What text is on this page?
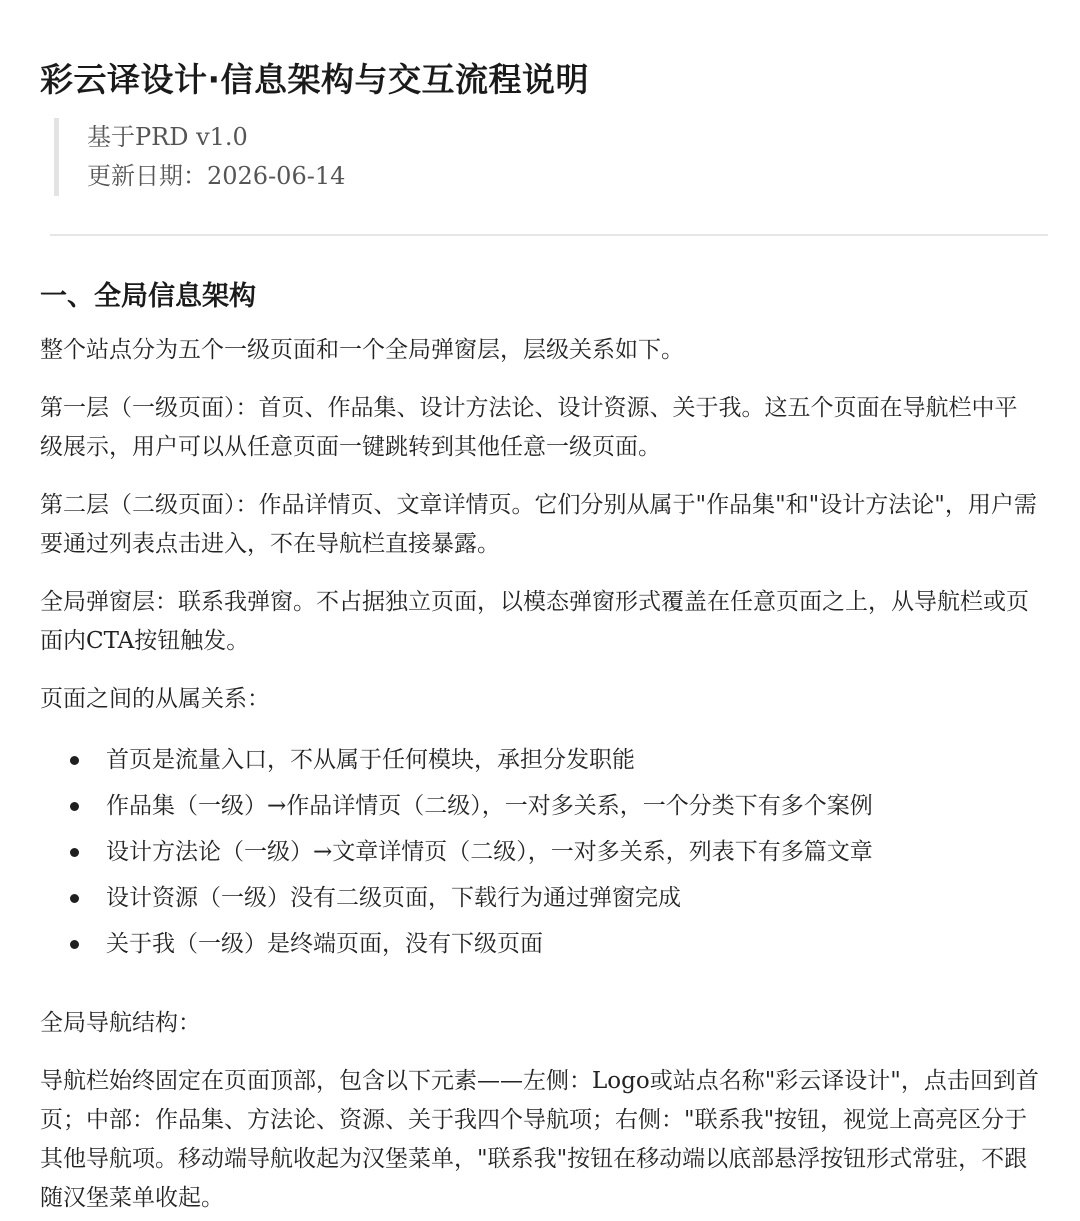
彩云译设计·信息架构与交互流程说明
基于PRD v1.0
更新日期：2026-06-14
一、全局信息架构

整个站点分为五个一级页面和一个全局弹窗层，层级关系如下。

第一层（一级页面）：首页、作品集、设计方法论、设计资源、关于我。这五个页面在导航栏中平级展示，用户可以从任意页面一键跳转到其他任意一级页面。

第二层（二级页面）：作品详情页、文章详情页。它们分别从属于"作品集"和"设计方法论"，用户需要通过列表点击进入，不在导航栏直接暴露。

全局弹窗层：联系我弹窗。不占据独立页面，以模态弹窗形式覆盖在任意页面之上，从导航栏或页面内CTA按钮触发。

页面之间的从属关系：

首页是流量入口，不从属于任何模块，承担分发职能
作品集（一级）→作品详情页（二级），一对多关系，一个分类下有多个案例
设计方法论（一级）→文章详情页（二级），一对多关系，列表下有多篇文章
设计资源（一级）没有二级页面，下载行为通过弹窗完成
关于我（一级）是终端页面，没有下级页面

全局导航结构：

导航栏始终固定在页面顶部，包含以下元素——左侧：Logo或站点名称"彩云译设计"，点击回到首页；中部：作品集、方法论、资源、关于我四个导航项；右侧："联系我"按钮，视觉上高亮区分于其他导航项。移动端导航收起为汉堡菜单，"联系我"按钮在移动端以底部悬浮按钮形式常驻，不跟随汉堡菜单收起。
